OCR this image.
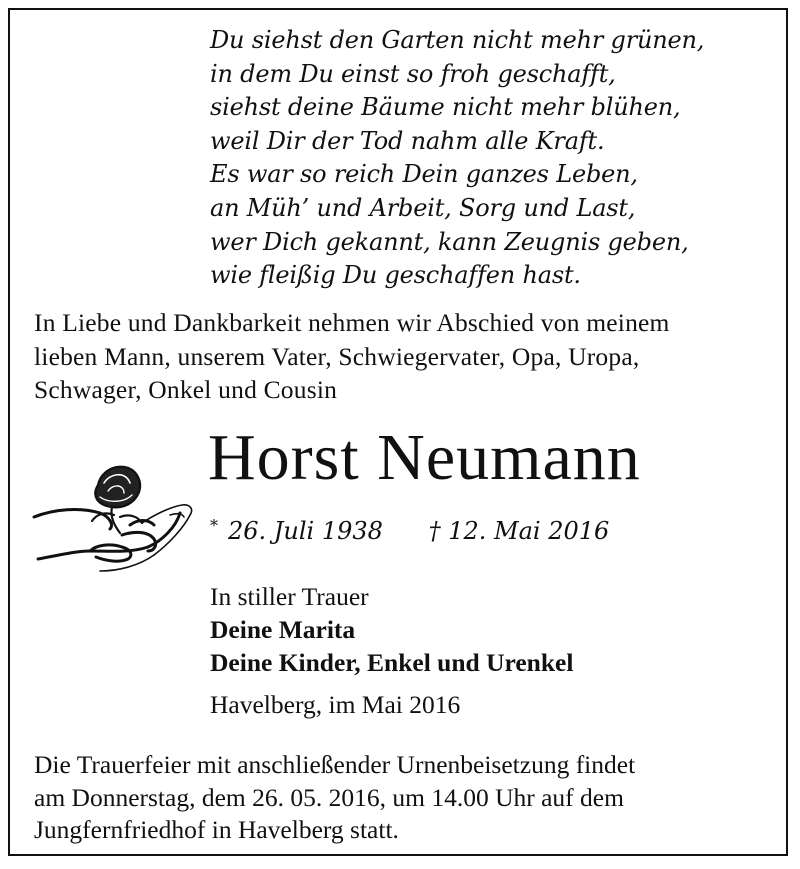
Du siehst den Garten nicht mehr grünen,
in dem Du einst so froh geschafft,
siehst deine Bäume nicht mehr blühen,
weil Dir der Tod nahm alle Kraft.
Es war so reich Dein ganzes Leben,
an Müh’ und Arbeit, Sorg und Last,
wer Dich gekannt, kann Zeugnis geben,
wie fleißig Du geschaffen hast.
In Liebe und Dankbarkeit nehmen wir Abschied von meinem
lieben Mann, unserem Vater, Schwiegervater, Opa, Uropa,
Schwager, Onkel und Cousin
Horst Neumann
* 26. Juli 1938 † 12. Mai 2016
In stiller Trauer
Deine Marita
Deine Kinder, Enkel und Urenkel
Havelberg, im Mai 2016
Die Trauerfeier mit anschließender Urnenbeisetzung findet
am Donnerstag, dem 26. 05. 2016, um 14.00 Uhr auf dem
Jungfernfriedhof in Havelberg statt.
